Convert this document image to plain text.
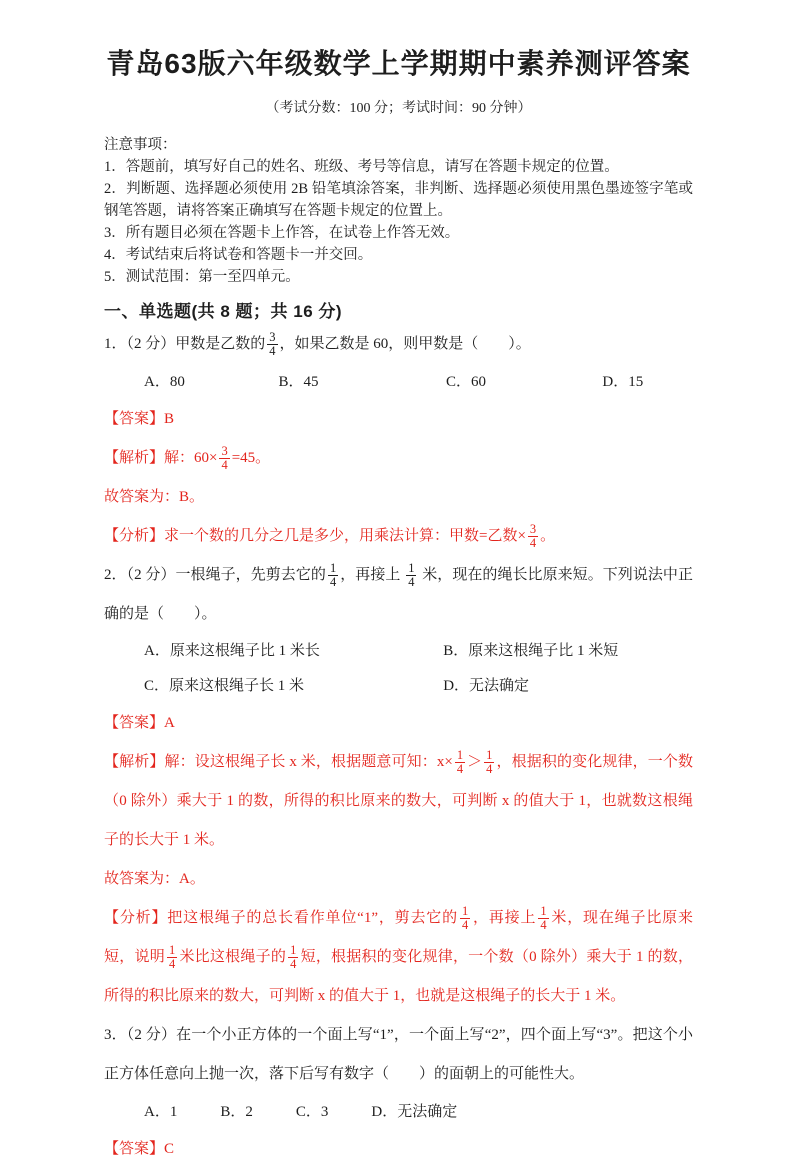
青岛63版六年级数学上学期期中素养测评答案

（考试分数：100 分；考试时间：90 分钟）

注意事项：

1．答题前，填写好自己的姓名、班级、考号等信息，请写在答题卡规定的位置。

2．判断题、选择题必须使用 2B 铅笔填涂答案，非判断、选择题必须使用黑色墨迹签字笔或钢笔答题，请将答案正确填写在答题卡规定的位置上。

3．所有题目必须在答题卡上作答，在试卷上作答无效。

4．考试结束后将试卷和答题卡一并交回。

5．测试范围：第一至四单元。

一、单选题(共 8 题；共 16 分)

1．（2 分）甲数是乙数的 $\frac{3}{4}$ ，如果乙数是 60，则甲数是（　　）。

A．80	B．45	C．60	D．15

【答案】B

【解析】解：$60\times \frac{3}{4} =45$。

故答案为：B。

【分析】求一个数的几分之几是多少，用乘法计算：甲数=乙数× $\frac{3}{4}$ 。

2．（2 分）一根绳子，先剪去它的 $\frac{1}{4}$ ，再接上 $\frac{1}{4}$ 米，现在的绳长比原来短。下列说法中正确的是（　　）。

A．原来这根绳子比 1 米长	B．原来这根绳子比 1 米短
C．原来这根绳子长 1 米	D．无法确定

【答案】A

【解析】解：设这根绳子长 x 米，根据题意可知：$x\times \frac{1}{4} > \frac{1}{4}$ ，根据积的变化规律，一个数（0 除外）乘大于 1 的数，所得的积比原来的数大，可判断 x 的值大于 1，也就数这根绳子的长大于 1 米。

故答案为：A。

【分析】把这根绳子的总长看作单位“1”，剪去它的 $\frac{1}{4}$ ，再接上 $\frac{1}{4}$ 米，现在绳子比原来短，说明 $\frac{1}{4}$ 米比这根绳子的 $\frac{1}{4}$ 短，根据积的变化规律，一个数（0 除外）乘大于 1 的数，所得的积比原来的数大，可判断 x 的值大于 1，也就是这根绳子的长大于 1 米。

3．（2 分）在一个小正方体的一个面上写“1”，一个面上写“2”，四个面上写“3”。把这个小正方体任意向上抛一次，落下后写有数字（　　）的面朝上的可能性大。

A．1	B．2	C．3	D．无法确定

【答案】C
